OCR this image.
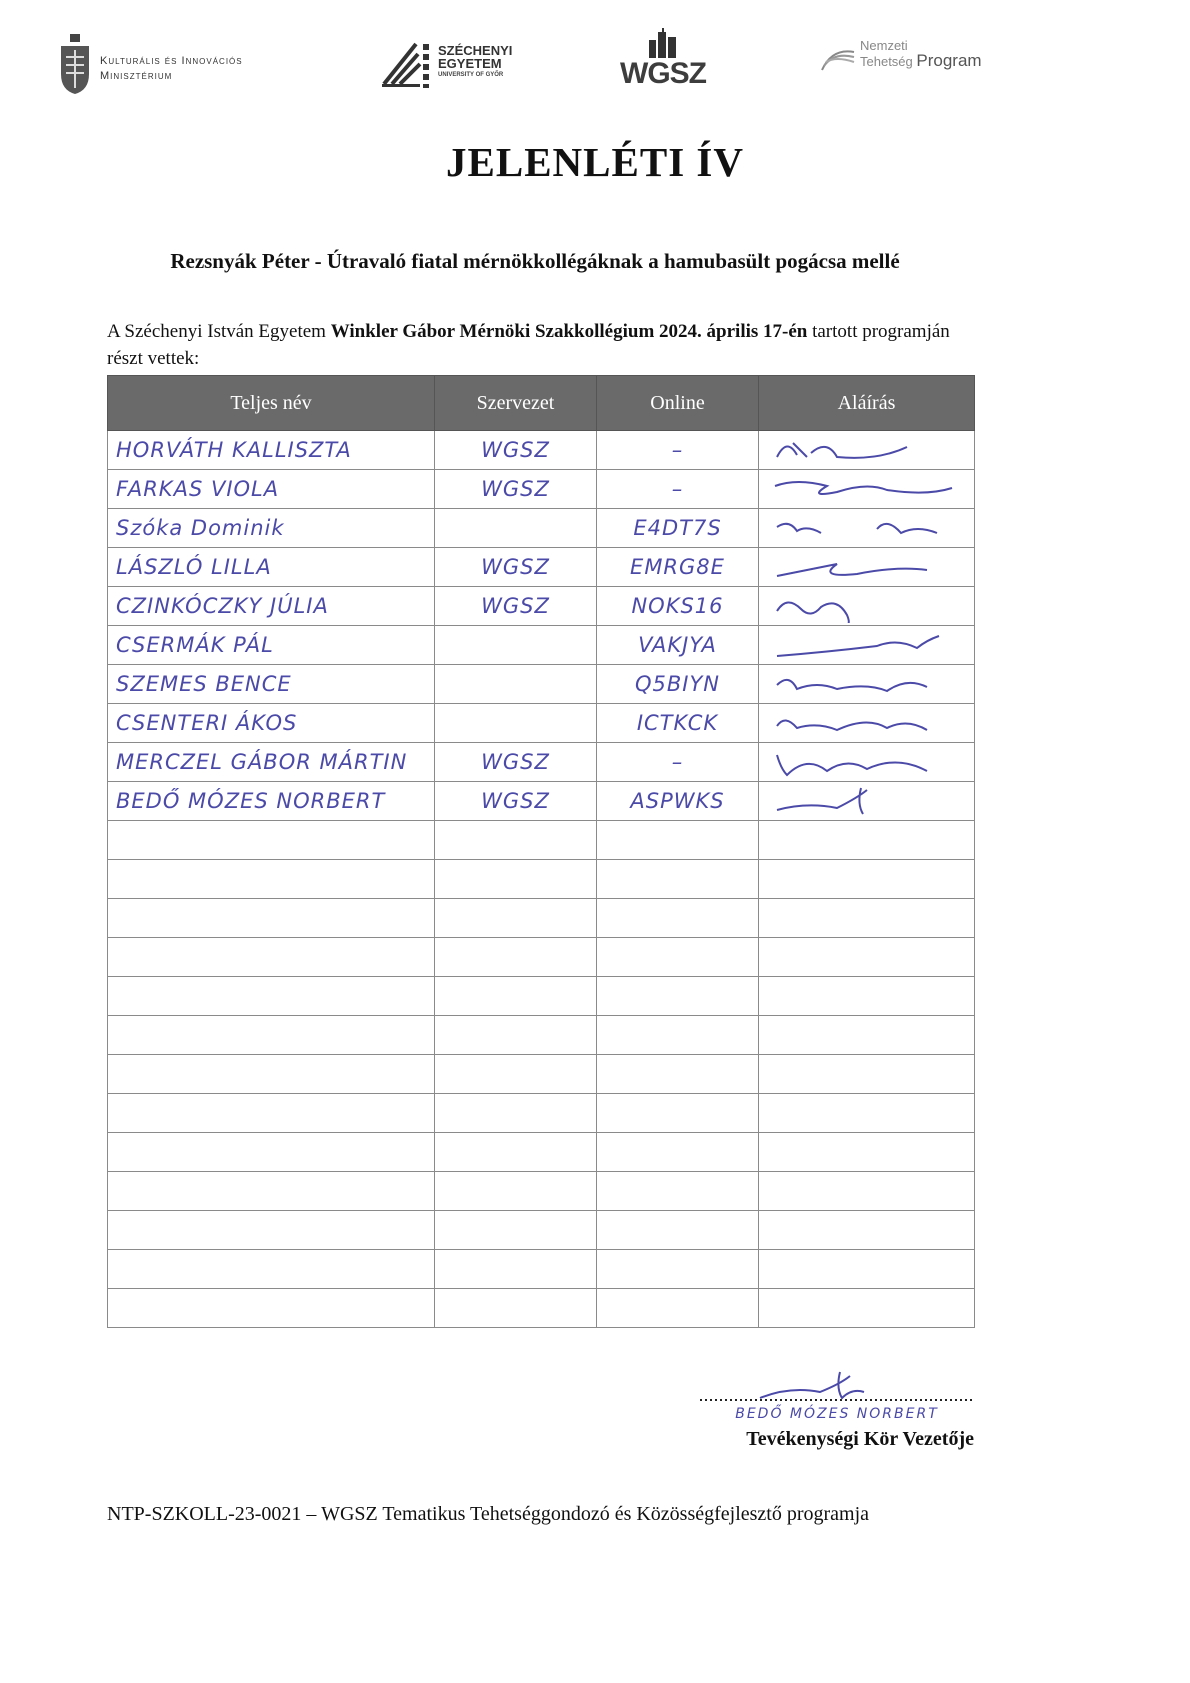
Kulturális és Innovációs
Minisztérium
SZÉCHENYI
EGYETEM
UNIVERSITY OF GYŐR	WGSZ
Nemzeti
Tehetség Program
JELENLÉTI ÍV
Rezsnyák Péter - Útravaló fiatal mérnökkollégáknak a hamubasült pogácsa mellé
A Széchenyi István Egyetem Winkler Gábor Mérnöki Szakkollégium 2024. április 17-én tartott programján részt vettek:
Teljes név	Szervezet	Online	Aláírás
HORVÁTH KALLISZTA	WGSZ	–	

FARKAS VIOLA	WGSZ	–	

Szóka Dominik		E4DT7S	

LÁSZLÓ LILLA	WGSZ	EMRG8E	

CZINKÓCZKY JÚLIA	WGSZ	NOKS16	

CSERMÁK PÁL		VAKJYA	

SZEMES BENCE		Q5BIYN	

CSENTERI ÁKOS		ICTKCK	

MERCZEL GÁBOR MÁRTIN	WGSZ	–	

BEDŐ MÓZES NORBERT	WGSZ	ASPWKS	

BEDŐ MÓZES NORBERT
Tevékenységi Kör Vezetője
NTP-SZKOLL-23-0021 – WGSZ Tematikus Tehetséggondozó és Közösségfejlesztő programja
